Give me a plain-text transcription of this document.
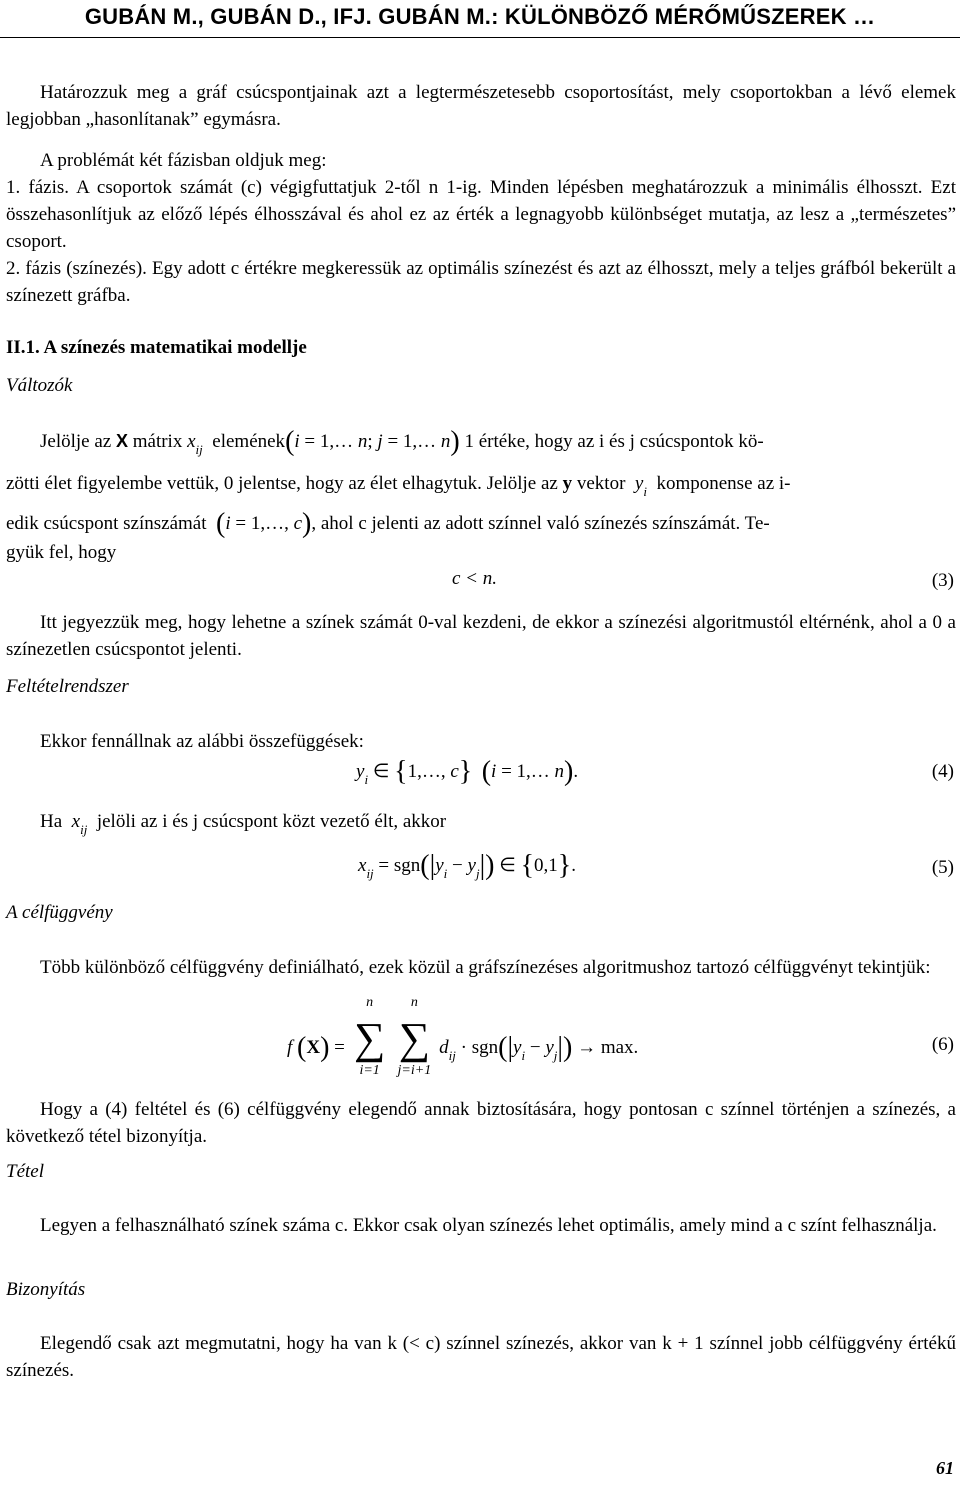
GUBÁN M., GUBÁN D., IFJ. GUBÁN M.: KÜLÖNBÖZŐ MÉRŐMŰSZEREK …
Határozzuk meg a gráf csúcspontjainak azt a legtermészetesebb csoportosítást, mely csoportokban a lévő elemek legjobban „hasonlítanak” egymásra.
A problémát két fázisban oldjuk meg:
1. fázis. A csoportok számát (c) végigfuttatjuk 2-től n 1-ig. Minden lépésben meghatározzuk a minimális élhosszt. Ezt összehasonlítjuk az előző lépés élhosszával és ahol ez az érték a legnagyobb különbséget mutatja, az lesz a „természetes” csoport.
2. fázis (színezés). Egy adott c értékre megkeressük az optimális színezést és azt az élhosszt, mely a teljes gráfból bekerült a színezett gráfba.
II.1. A színezés matematikai modellje
Változók
Jelölje az X mátrix $x_{ij}$ elemének(i = 1,… n; j = 1,… n) 1 értéke, hogy az i és j csúcspontok kö-
zötti élet figyelembe vettük, 0 jelentse, hogy az élet elhagytuk. Jelölje az y vektor $y_i$ komponense az i-
edik csúcspont színszámát (i = 1,…, c), ahol c jelenti az adott színnel való színezés színszámát. Te-
gyük fel, hogy
c < n.	(3)
Itt jegyezzük meg, hogy lehetne a színek számát 0-val kezdeni, de ekkor a színezési algoritmustól eltérnénk, ahol a 0 a színezetlen csúcspontot jelenti.
Feltételrendszer
Ekkor fennállnak az alábbi összefüggések:
$y_i$ ∈ {1,…, c} (i = 1,… n).	(4)
Ha $x_{ij}$ jelöli az i és j csúcspont közt vezető élt, akkor
$x_{ij} = sgn(|y_i - y_j|)$ ∈ {0,1}.	(5)
A célfüggvény
Több különböző célfüggvény definiálható, ezek közül a gráfszínezéses algoritmushoz tartozó célfüggvényt tekintjük:
f (X) =
n
∑
i=1

n
∑
j=i+1
$d_{ij} \cdot sgn(|y_i - y_j|) \to \max$.	(6)
Hogy a (4) feltétel és (6) célfüggvény elegendő annak biztosítására, hogy pontosan c színnel történjen a színezés, a következő tétel bizonyítja.
Tétel
Legyen a felhasználható színek száma c. Ekkor csak olyan színezés lehet optimális, amely mind a c színt felhasználja.
Bizonyítás
Elegendő csak azt megmutatni, hogy ha van k (< c) színnel színezés, akkor van k + 1 színnel jobb célfüggvény értékű színezés.
61
